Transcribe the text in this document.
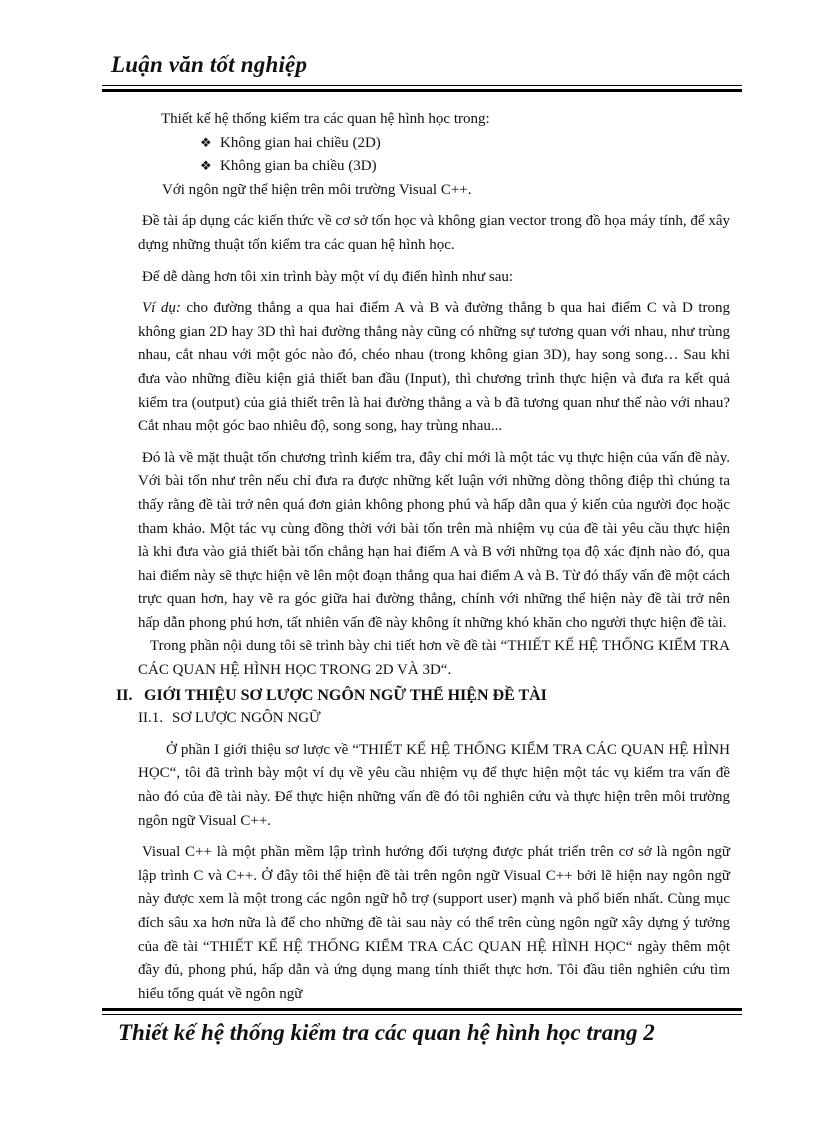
Luận văn tốt nghiệp

Thiết kế hệ thống kiểm tra các quan hệ hình học trong:

❖ Không gian hai chiều (2D)

❖ Không gian ba chiều (3D)

Với ngôn ngữ thể hiện trên môi trường Visual C++.

Đề tài áp dụng các kiến thức về cơ sở tốn học và không gian vector trong đồ họa máy tính, để xây dựng những thuật tốn kiểm tra các quan hệ hình học.

Để dễ dàng hơn tôi xin trình bày một ví dụ điển hình như sau:

Ví dụ: cho đường thẳng a qua hai điểm A và B và đường thẳng b qua hai điểm C và D trong không gian 2D hay 3D thì hai đường thẳng này cũng có những sự tương quan với nhau, như trùng nhau, cắt nhau với một góc nào đó, chéo nhau (trong không gian 3D), hay song song… Sau khi đưa vào những điều kiện giả thiết ban đầu (Input), thì chương trình thực hiện và đưa ra kết quả kiểm tra (output) của giả thiết trên là hai đường thẳng a và b đã tương quan như thế nào với nhau? Cắt nhau một góc bao nhiêu độ, song song, hay trùng nhau...

Đó là về mặt thuật tốn chương trình kiểm tra, đây chỉ mới là một tác vụ thực hiện của vấn đề này. Với bài tốn như trên nếu chỉ đưa ra được những kết luận với những dòng thông điệp thì chúng ta thấy rằng đề tài trở nên quá đơn giản không phong phú và hấp dẫn qua ý kiến của người đọc hoặc tham khảo. Một tác vụ cùng đồng thời với bài tốn trên mà nhiệm vụ của đề tài yêu cầu thực hiện là khi đưa vào giả thiết bài tốn chẳng hạn hai điểm A và B với những tọa độ xác định nào đó, qua hai điểm này sẽ thực hiện vẽ lên một đoạn thẳng qua hai điểm A và B. Từ đó thấy vấn đề một cách trực quan hơn, hay vẽ ra góc giữa hai đường thẳng, chính với những thể hiện này đề tài trở nên hấp dẫn phong phú hơn, tất nhiên vấn đề này không ít những khó khăn cho người thực hiện đề tài.

Trong phần nội dung tôi sẽ trình bày chi tiết hơn về đề tài “THIẾT KẾ HỆ THỐNG KIỂM TRA CÁC QUAN HỆ HÌNH HỌC TRONG 2D VÀ 3D“.

II. GIỚI THIỆU SƠ LƯỢC NGÔN NGỮ THỂ HIỆN ĐỀ TÀI

II.1. SƠ LƯỢC NGÔN NGỮ

Ở phần I giới thiệu sơ lược về “THIẾT KẾ HỆ THỐNG KIỂM TRA CÁC QUAN HỆ HÌNH HỌC“, tôi đã trình bày một ví dụ về yêu cầu nhiệm vụ để thực hiện một tác vụ kiểm tra vấn đề nào đó của đề tài này. Để thực hiện những vấn đề đó tôi nghiên cứu và thực hiện trên môi trường ngôn ngữ Visual C++.

Visual C++ là một phần mềm lập trình hướng đối tượng được phát triển trên cơ sở là ngôn ngữ lập trình C và C++. Ở đây tôi thể hiện đề tài trên ngôn ngữ Visual C++ bởi lẽ hiện nay ngôn ngữ này được xem là một trong các ngôn ngữ hỗ trợ (support user) mạnh và phổ biến nhất. Cùng mục đích sâu xa hơn nữa là để cho những đề tài sau này có thể trên cùng ngôn ngữ xây dựng ý tưởng của đề tài “THIẾT KẾ HỆ THỐNG KIỂM TRA CÁC QUAN HỆ HÌNH HỌC“ ngày thêm một đầy đủ, phong phú, hấp dẫn và ứng dụng mang tính thiết thực hơn. Tôi đầu tiên nghiên cứu tìm hiểu tổng quát về ngôn ngữ

Thiết kế hệ thống kiểm tra các quan hệ hình học trang 2
